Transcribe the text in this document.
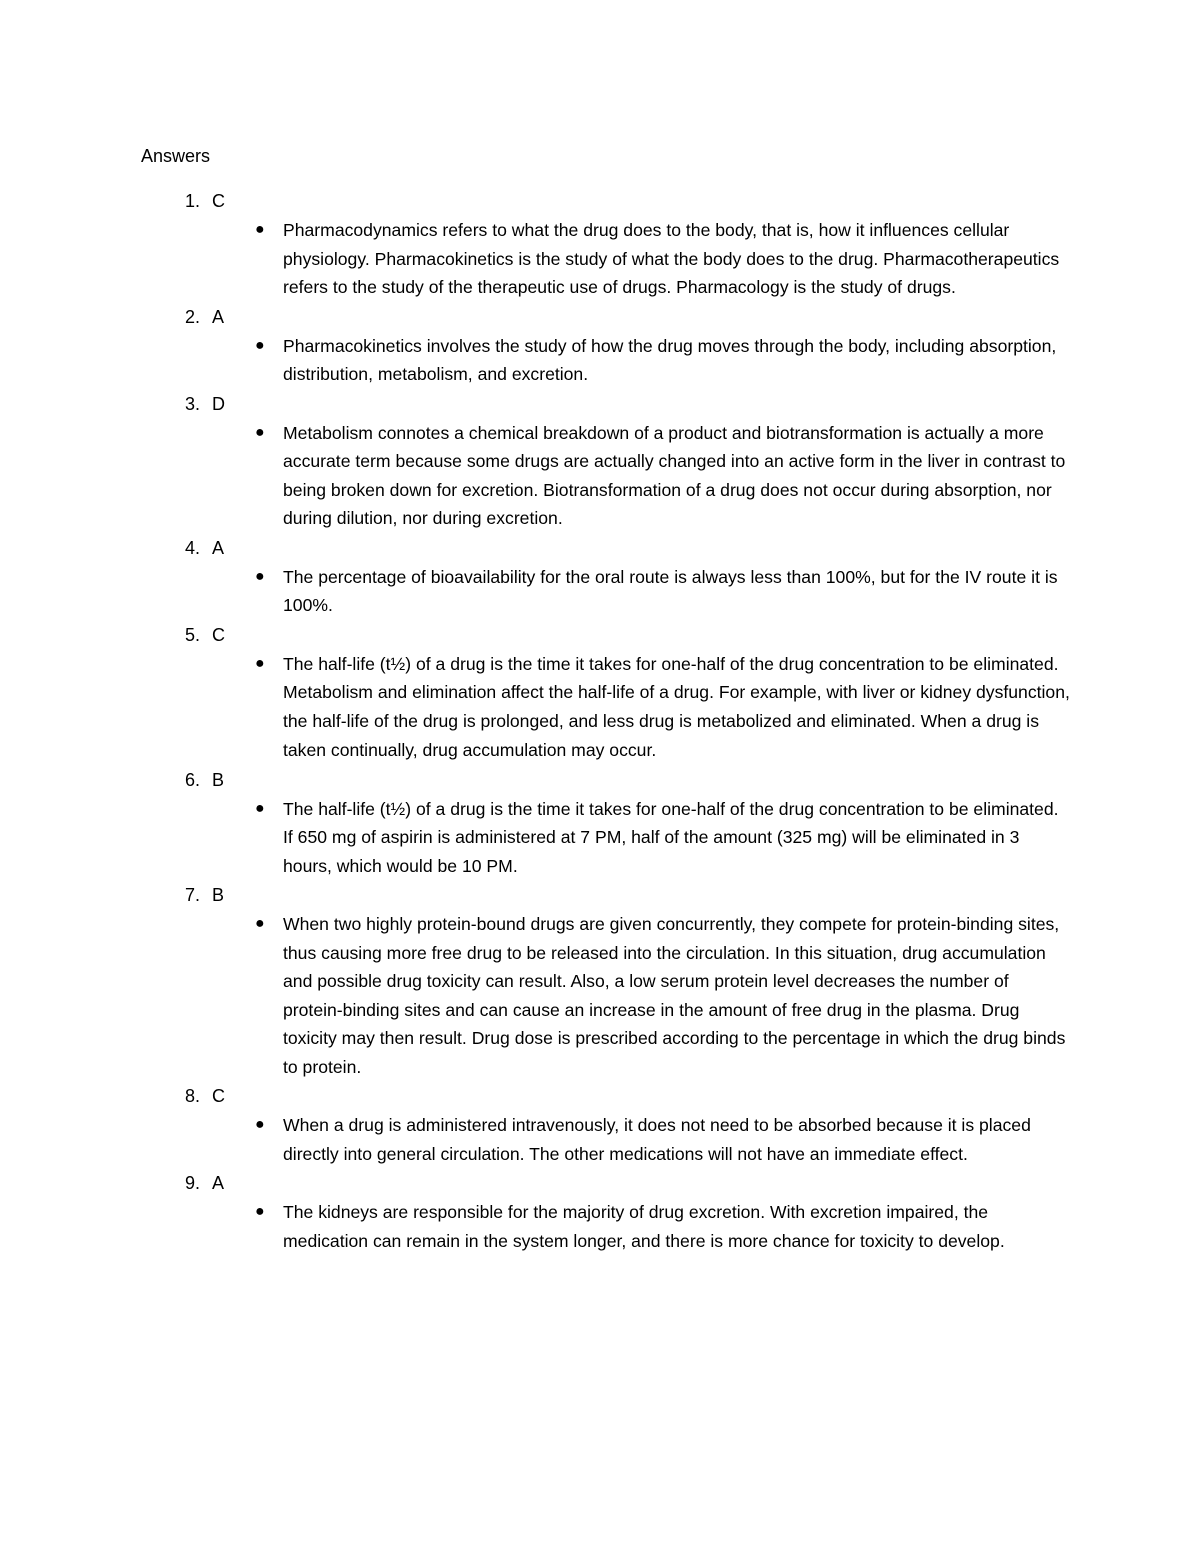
Answers
1. C
● Pharmacodynamics refers to what the drug does to the body, that is, how it influences cellular physiology. Pharmacokinetics is the study of what the body does to the drug. Pharmacotherapeutics refers to the study of the therapeutic use of drugs. Pharmacology is the study of drugs.
2. A
● Pharmacokinetics involves the study of how the drug moves through the body, including absorption, distribution, metabolism, and excretion.
3. D
● Metabolism connotes a chemical breakdown of a product and biotransformation is actually a more accurate term because some drugs are actually changed into an active form in the liver in contrast to being broken down for excretion. Biotransformation of a drug does not occur during absorption, nor during dilution, nor during excretion.
4. A
● The percentage of bioavailability for the oral route is always less than 100%, but for the IV route it is 100%.
5. C
● The half-life (t½) of a drug is the time it takes for one-half of the drug concentration to be eliminated. Metabolism and elimination affect the half-life of a drug. For example, with liver or kidney dysfunction, the half-life of the drug is prolonged, and less drug is metabolized and eliminated. When a drug is taken continually, drug accumulation may occur.
6. B
● The half-life (t½) of a drug is the time it takes for one-half of the drug concentration to be eliminated. If 650 mg of aspirin is administered at 7 PM, half of the amount (325 mg) will be eliminated in 3 hours, which would be 10 PM.
7. B
● When two highly protein-bound drugs are given concurrently, they compete for protein-binding sites, thus causing more free drug to be released into the circulation. In this situation, drug accumulation and possible drug toxicity can result. Also, a low serum protein level decreases the number of protein-binding sites and can cause an increase in the amount of free drug in the plasma. Drug toxicity may then result. Drug dose is prescribed according to the percentage in which the drug binds to protein.
8. C
● When a drug is administered intravenously, it does not need to be absorbed because it is placed directly into general circulation. The other medications will not have an immediate effect.
9. A
● The kidneys are responsible for the majority of drug excretion. With excretion impaired, the medication can remain in the system longer, and there is more chance for toxicity to develop.
